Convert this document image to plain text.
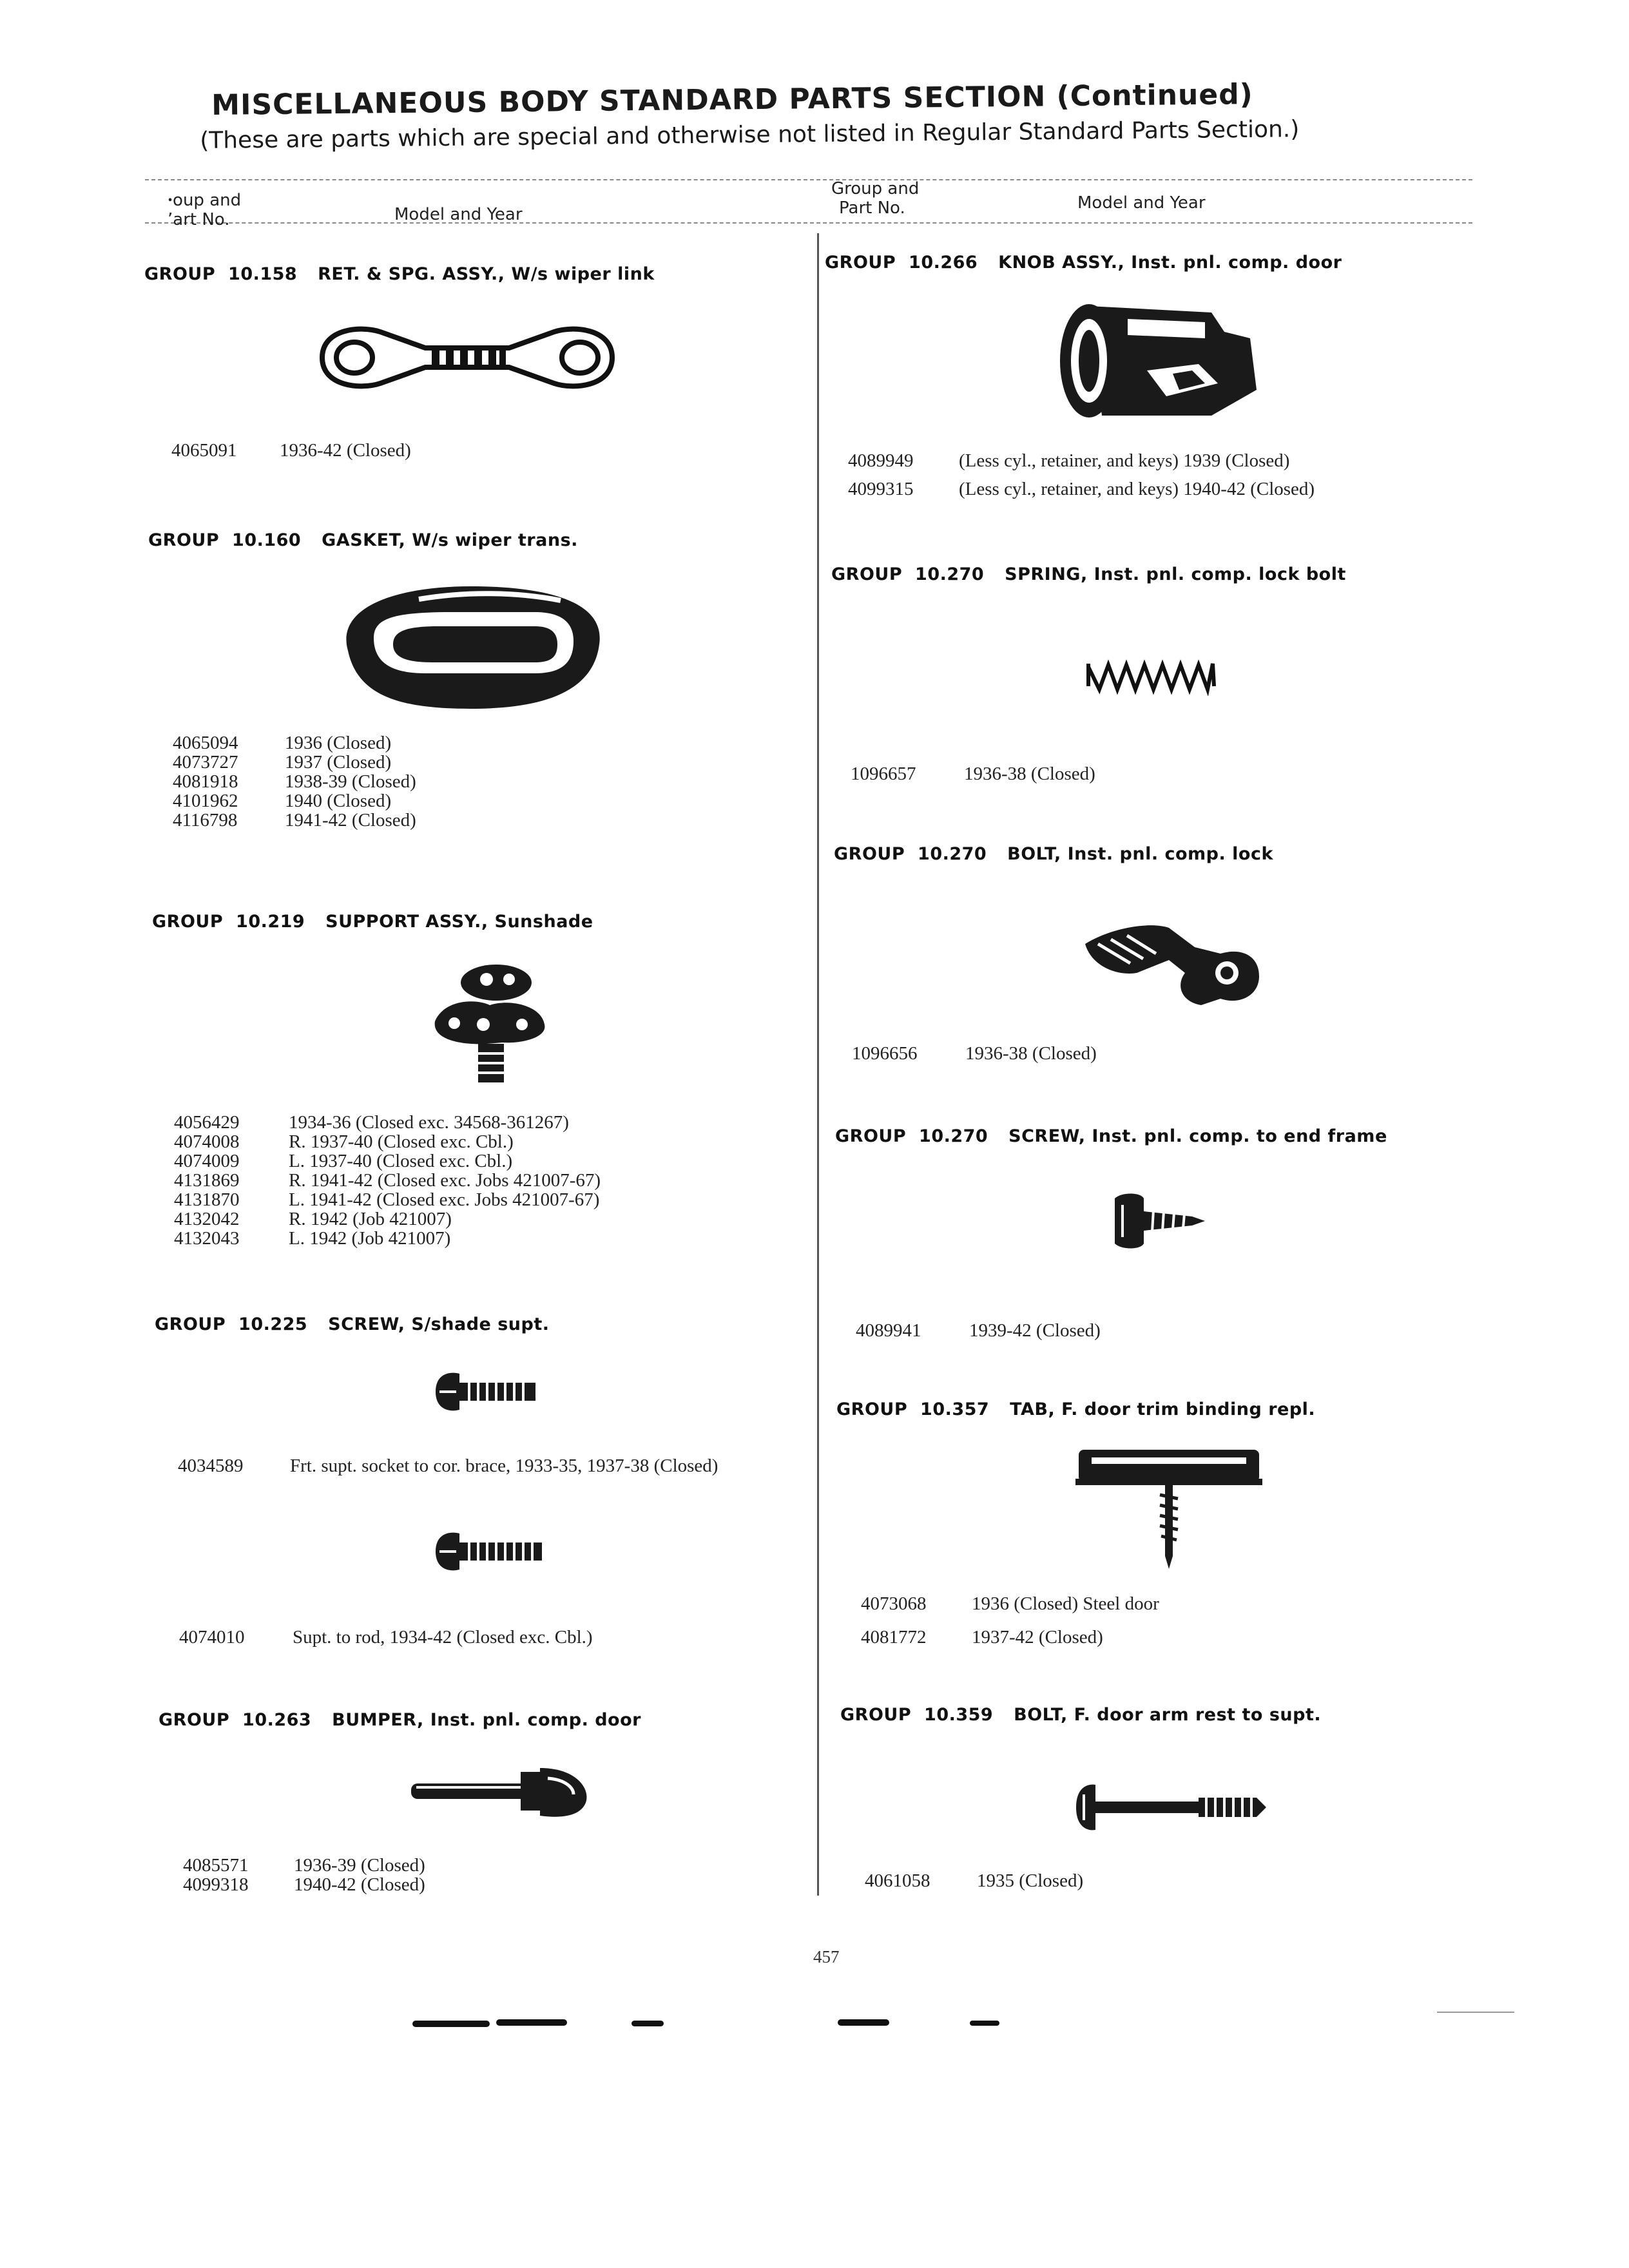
MISCELLANEOUS BODY STANDARD PARTS SECTION (Continued)
(These are parts which are special and otherwise not listed in Regular Standard Parts Section.)
ꞏoup and
ʼart No.	Model and Year
Group and
Part No.	Model and Year
GROUP 10.158 RET. & SPG. ASSY., W/s wiper link
4065091	1936-42 (Closed)
GROUP 10.160 GASKET, W/s wiper trans.
4065094	1936 (Closed)
4073727	1937 (Closed)
4081918	1938-39 (Closed)
4101962	1940 (Closed)
4116798	1941-42 (Closed)
GROUP 10.219 SUPPORT ASSY., Sunshade
4056429	1934-36 (Closed exc. 34568-361267)
4074008	R. 1937-40 (Closed exc. Cbl.)
4074009	L. 1937-40 (Closed exc. Cbl.)
4131869	R. 1941-42 (Closed exc. Jobs 421007-67)
4131870	L. 1941-42 (Closed exc. Jobs 421007-67)
4132042	R. 1942 (Job 421007)
4132043	L. 1942 (Job 421007)
GROUP 10.225 SCREW, S/shade supt.
4034589	Frt. supt. socket to cor. brace, 1933-35, 1937-38 (Closed)
4074010	Supt. to rod, 1934-42 (Closed exc. Cbl.)
GROUP 10.263 BUMPER, Inst. pnl. comp. door
4085571	1936-39 (Closed)
4099318	1940-42 (Closed)
GROUP 10.266 KNOB ASSY., Inst. pnl. comp. door
4089949	(Less cyl., retainer, and keys) 1939 (Closed)
4099315	(Less cyl., retainer, and keys) 1940-42 (Closed)
GROUP 10.270 SPRING, Inst. pnl. comp. lock bolt
1096657	1936-38 (Closed)
GROUP 10.270 BOLT, Inst. pnl. comp. lock
1096656	1936-38 (Closed)
GROUP 10.270 SCREW, Inst. pnl. comp. to end frame
4089941	1939-42 (Closed)
GROUP 10.357 TAB, F. door trim binding repl.
4073068	1936 (Closed) Steel door
4081772	1937-42 (Closed)
GROUP 10.359 BOLT, F. door arm rest to supt.
4061058	1935 (Closed)
457
